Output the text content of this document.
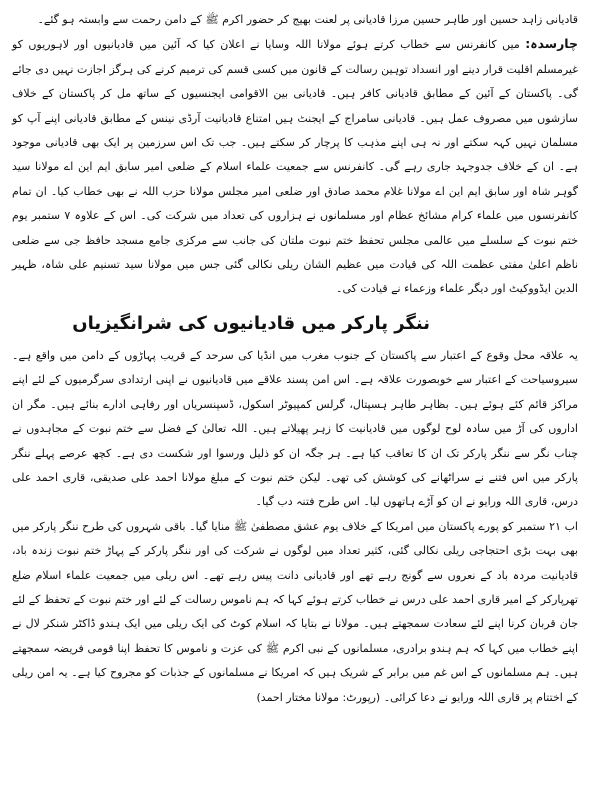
قادیانی زاہد حسین اور طاہر حسین مرزا قادیانی پر لعنت بھیج کر حضور اکرم ﷺ کے دامن رحمت سے وابستہ ہو گئے۔

چارسدہ: میں کانفرنس سے خطاب کرتے ہوئے مولانا اللہ وسایا نے اعلان کیا کہ آئین میں قادیانیوں اور لاہوریوں کو غیرمسلم اقلیت قرار دینے اور انسداد توہین رسالت کے قانون میں کسی قسم کی ترمیم کرنے کی ہرگز اجازت نہیں دی جائے گی۔ پاکستان کے آئین کے مطابق قادیانی کافر ہیں۔ قادیانی بین الاقوامی ایجنسیوں کے ساتھ مل کر پاکستان کے خلاف سازشوں میں مصروف عمل ہیں۔ قادیانی سامراج کے ایجنٹ ہیں امتناع قادیانیت آرڈی نینس کے مطابق قادیانی اپنے آپ کو مسلمان نہیں کہہ سکتے اور نہ ہی اپنے مذہب کا پرچار کر سکتے ہیں۔ جب تک اس سرزمین پر ایک بھی قادیانی موجود ہے۔ ان کے خلاف جدوجہد جاری رہے گی۔ کانفرنس سے جمعیت علماء اسلام کے ضلعی امیر سابق ایم این اے مولانا سید گوہر شاہ اور سابق ایم این اے مولانا غلام محمد صادق اور ضلعی امیر مجلس مولانا حزب اللہ نے بھی خطاب کیا۔ ان تمام کانفرنسوں میں علماء کرام مشائخ عظام اور مسلمانوں نے ہزاروں کی تعداد میں شرکت کی۔ اس کے علاوہ ۷ ستمبر یوم ختم نبوت کے سلسلے میں عالمی مجلس تحفظ ختم نبوت ملتان کی جانب سے مرکزی جامع مسجد حافظ جی سے ضلعی ناظم اعلیٰ مفتی عظمت اللہ کی قیادت میں عظیم الشان ریلی نکالی گئی جس میں مولانا سید تسنیم علی شاہ، ظہیر الدین ایڈووکیٹ اور دیگر علماء وزعماء نے قیادت کی۔

ننگر پارکر میں قادیانیوں کی شرانگیزیاں

یہ علاقہ محل وقوع کے اعتبار سے پاکستان کے جنوب مغرب میں انڈیا کی سرحد کے قریب پہاڑوں کے دامن میں واقع ہے۔ سیروسیاحت کے اعتبار سے خوبصورت علاقہ ہے۔ اس امن پسند علاقے میں قادیانیوں نے اپنی ارتدادی سرگرمیوں کے لئے اپنے مراکز قائم کئے ہوئے ہیں۔ بظاہر طاہر ہسپتال، گرلس کمپیوٹر اسکول، ڈسپنسریاں اور رفاہی ادارے بنائے ہیں۔ مگر ان اداروں کی آڑ میں سادہ لوح لوگوں میں قادیانیت کا زہر پھیلاتے ہیں۔ اللہ تعالیٰ کے فضل سے ختم نبوت کے مجاہدوں نے چناب نگر سے ننگر پارکر تک ان کا تعاقب کیا ہے۔ ہر جگہ ان کو ذلیل ورسوا اور شکست دی ہے۔ کچھ عرصے پہلے ننگر پارکر میں اس فتنے نے سراٹھانے کی کوشش کی تھی۔ لیکن ختم نبوت کے مبلغ مولانا احمد علی صدیقی، قاری احمد علی درس، قاری اللہ ورایو نے ان کو آڑے ہاتھوں لیا۔ اس طرح فتنہ دب گیا۔

اب ۲۱ ستمبر کو پورے پاکستان میں امریکا کے خلاف یوم عشق مصطفیٰ ﷺ منایا گیا۔ باقی شہروں کی طرح ننگر پارکر میں بھی بہت بڑی احتجاجی ریلی نکالی گئی، کثیر تعداد میں لوگوں نے شرکت کی اور ننگر پارکر کے پہاڑ ختم نبوت زندہ باد، قادیانیت مردہ باد کے نعروں سے گونج رہے تھے اور قادیانی دانت پیس رہے تھے۔ اس ریلی میں جمعیت علماء اسلام ضلع تھرپارکر کے امیر قاری احمد علی درس نے خطاب کرتے ہوئے کہا کہ ہم ناموس رسالت کے لئے اور ختم نبوت کے تحفظ کے لئے جان قربان کرنا اپنے لئے سعادت سمجھتے ہیں۔ مولانا نے بتایا کہ اسلام کوٹ کی ایک ریلی میں ایک ہندو ڈاکٹر شنکر لال نے اپنے خطاب میں کہا کہ ہم ہندو برادری، مسلمانوں کے نبی اکرم ﷺ کی عزت و ناموس کا تحفظ اپنا قومی فریضہ سمجھتے ہیں۔ ہم مسلمانوں کے اس غم میں برابر کے شریک ہیں کہ امریکا نے مسلمانوں کے جذبات کو مجروح کیا ہے۔ یہ امن ریلی کے اختتام پر قاری اللہ ورایو نے دعا کرائی۔ (رپورٹ: مولانا مختار احمد)
